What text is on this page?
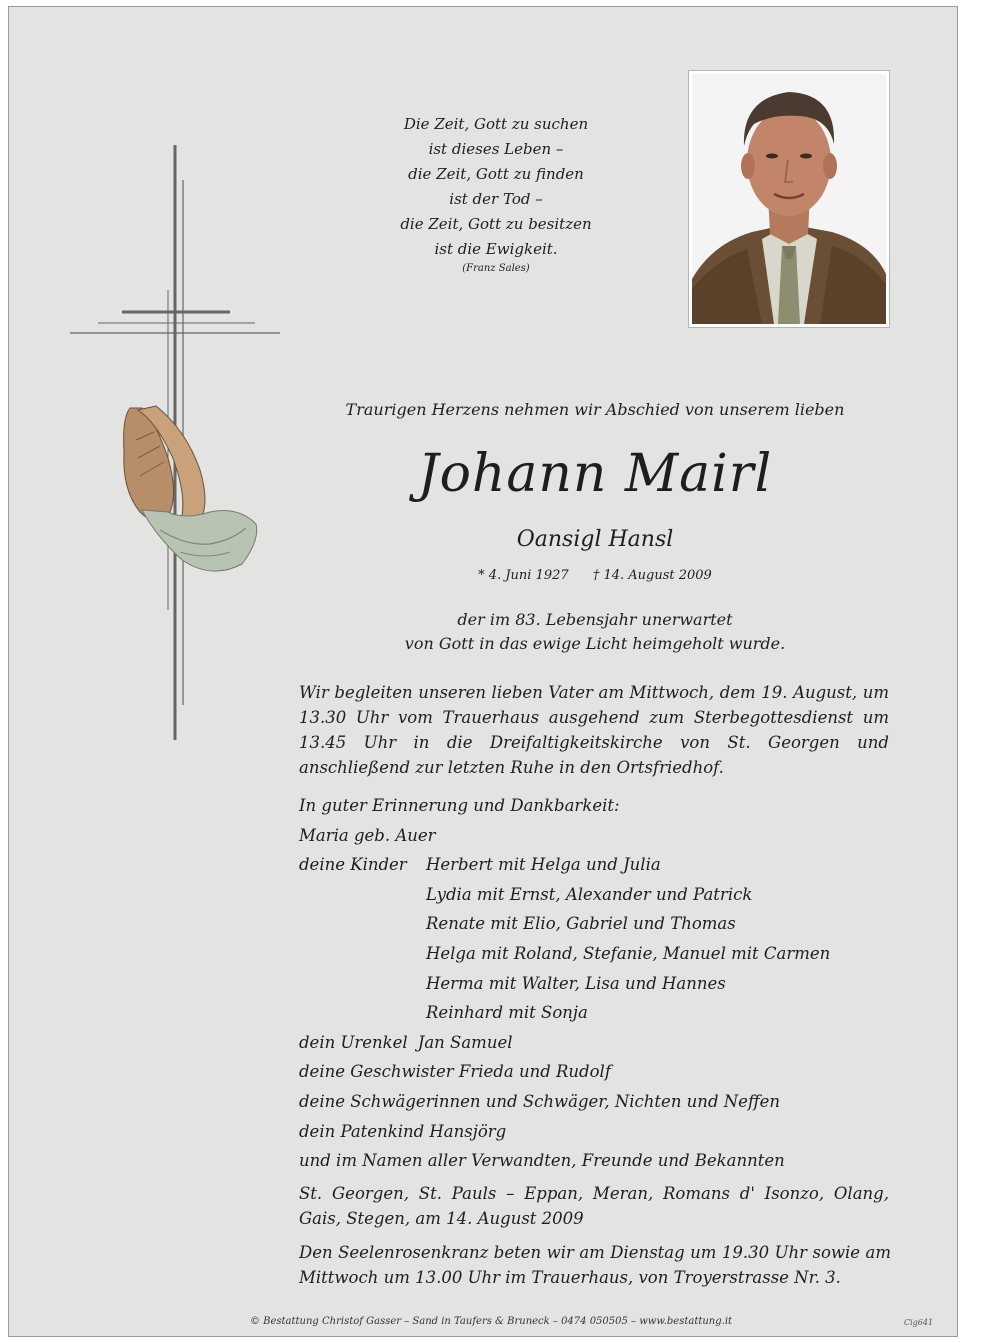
Die Zeit, Gott zu suchen
ist dieses Leben –
die Zeit, Gott zu finden
ist der Tod –
die Zeit, Gott zu besitzen
ist die Ewigkeit.
(Franz Sales)
Traurigen Herzens nehmen wir Abschied von unserem lieben
Johann Mairl
Oansigl Hansl
* 4. Juni 1927 † 14. August 2009
der im 83. Lebensjahr unerwartet
von Gott in das ewige Licht heimgeholt wurde.
Wir begleiten unseren lieben Vater am Mittwoch, dem 19. August, um 13.30 Uhr vom Trauerhaus ausgehend zum Sterbegottesdienst um 13.45 Uhr in die Dreifaltigkeitskirche von St. Georgen und anschließend zur letzten Ruhe in den Ortsfriedhof.
In guter Erinnerung und Dankbarkeit:
Maria geb. Auer
deine Kinder	Herbert mit Helga und Julia
Lydia mit Ernst, Alexander und Patrick
Renate mit Elio, Gabriel und Thomas
Helga mit Roland, Stefanie, Manuel mit Carmen
Herma mit Walter, Lisa und Hannes
Reinhard mit Sonja
dein Urenkel Jan Samuel
deine Geschwister Frieda und Rudolf
deine Schwägerinnen und Schwäger, Nichten und Neffen
dein Patenkind Hansjörg
und im Namen aller Verwandten, Freunde und Bekannten
St. Georgen, St. Pauls – Eppan, Meran, Romans d' Isonzo, Olang, Gais, Stegen, am 14. August 2009
Den Seelenrosenkranz beten wir am Dienstag um 19.30 Uhr sowie am Mittwoch um 13.00 Uhr im Trauerhaus, von Troyerstrasse Nr. 3.
© Bestattung Christof Gasser – Sand in Taufers & Bruneck – 0474 050505 – www.bestattung.it	Cig641
